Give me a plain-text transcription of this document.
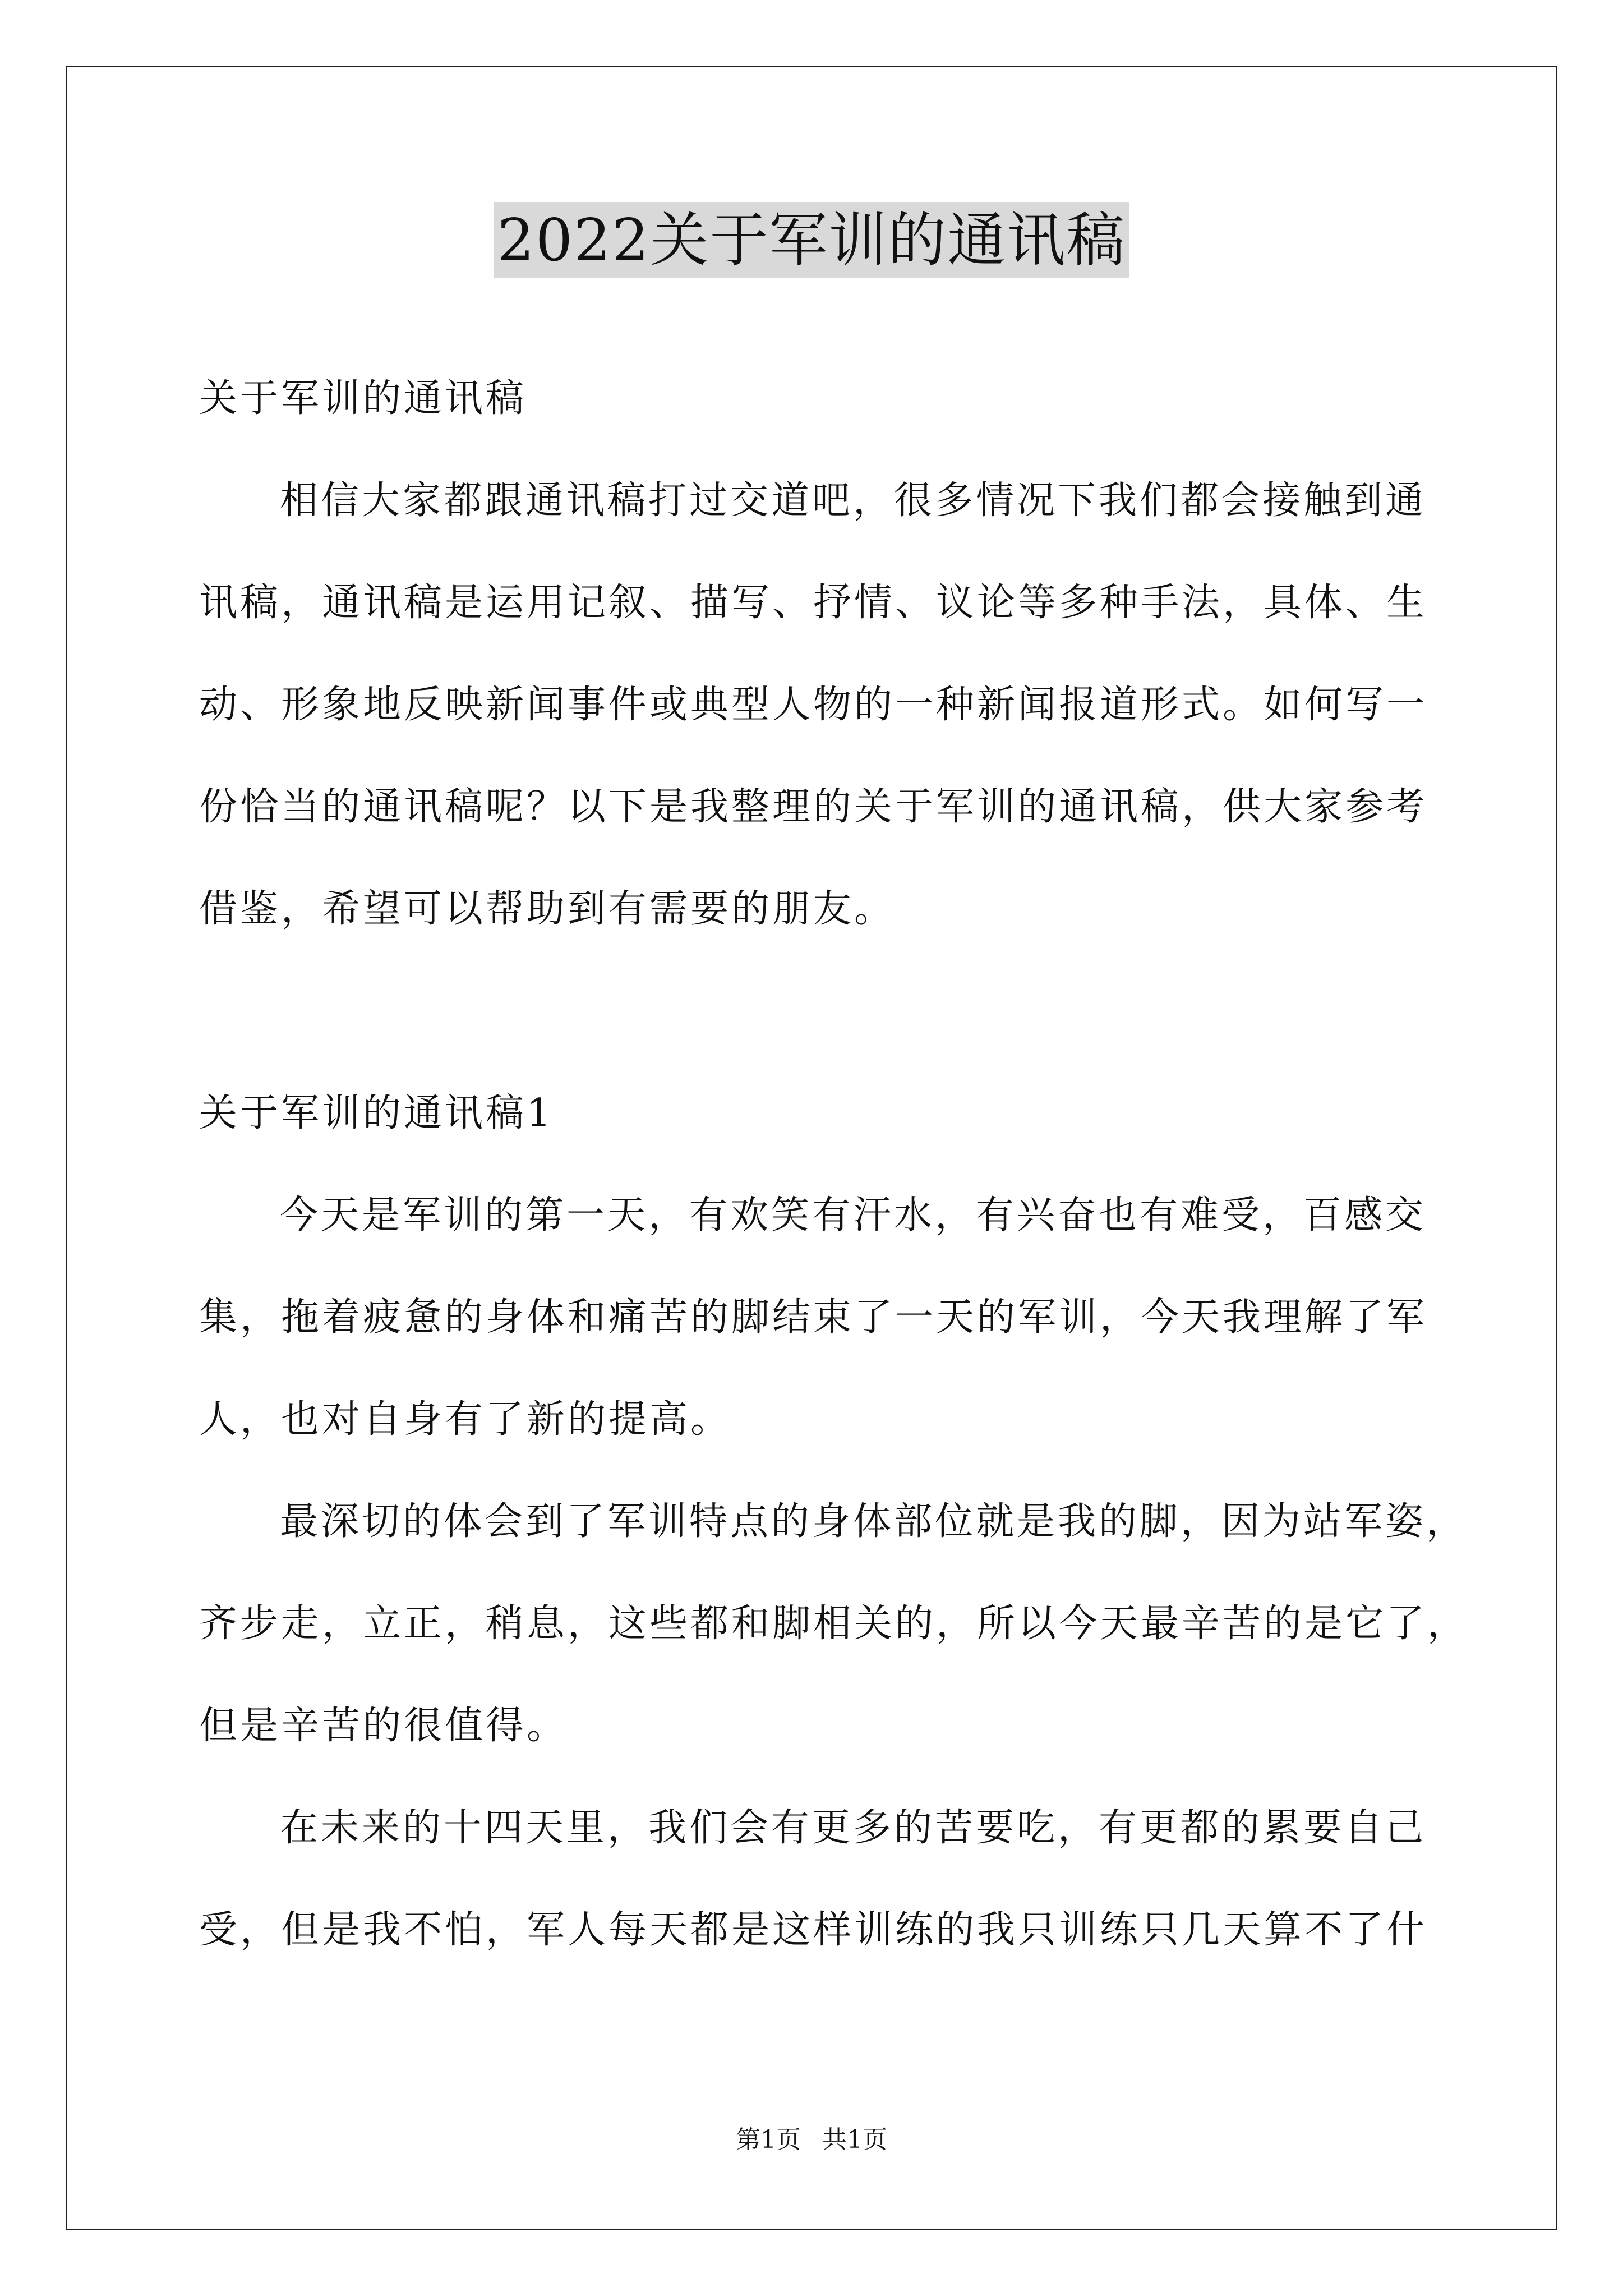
2022关于军训的通讯稿
关于军训的通讯稿
相信大家都跟通讯稿打过交道吧，很多情况下我们都会接触到通
讯稿，通讯稿是运用记叙、描写、抒情、议论等多种手法，具体、生
动、形象地反映新闻事件或典型人物的一种新闻报道形式。如何写一
份恰当的通讯稿呢？以下是我整理的关于军训的通讯稿，供大家参考
借鉴，希望可以帮助到有需要的朋友。
关于军训的通讯稿1
今天是军训的第一天，有欢笑有汗水，有兴奋也有难受，百感交
集，拖着疲惫的身体和痛苦的脚结束了一天的军训，今天我理解了军
人，也对自身有了新的提高。
最深切的体会到了军训特点的身体部位就是我的脚，因为站军姿，
齐步走，立正，稍息，这些都和脚相关的，所以今天最辛苦的是它了，
但是辛苦的很值得。
在未来的十四天里，我们会有更多的苦要吃，有更都的累要自己
受，但是我不怕，军人每天都是这样训练的我只训练只几天算不了什
第1页 共1页
